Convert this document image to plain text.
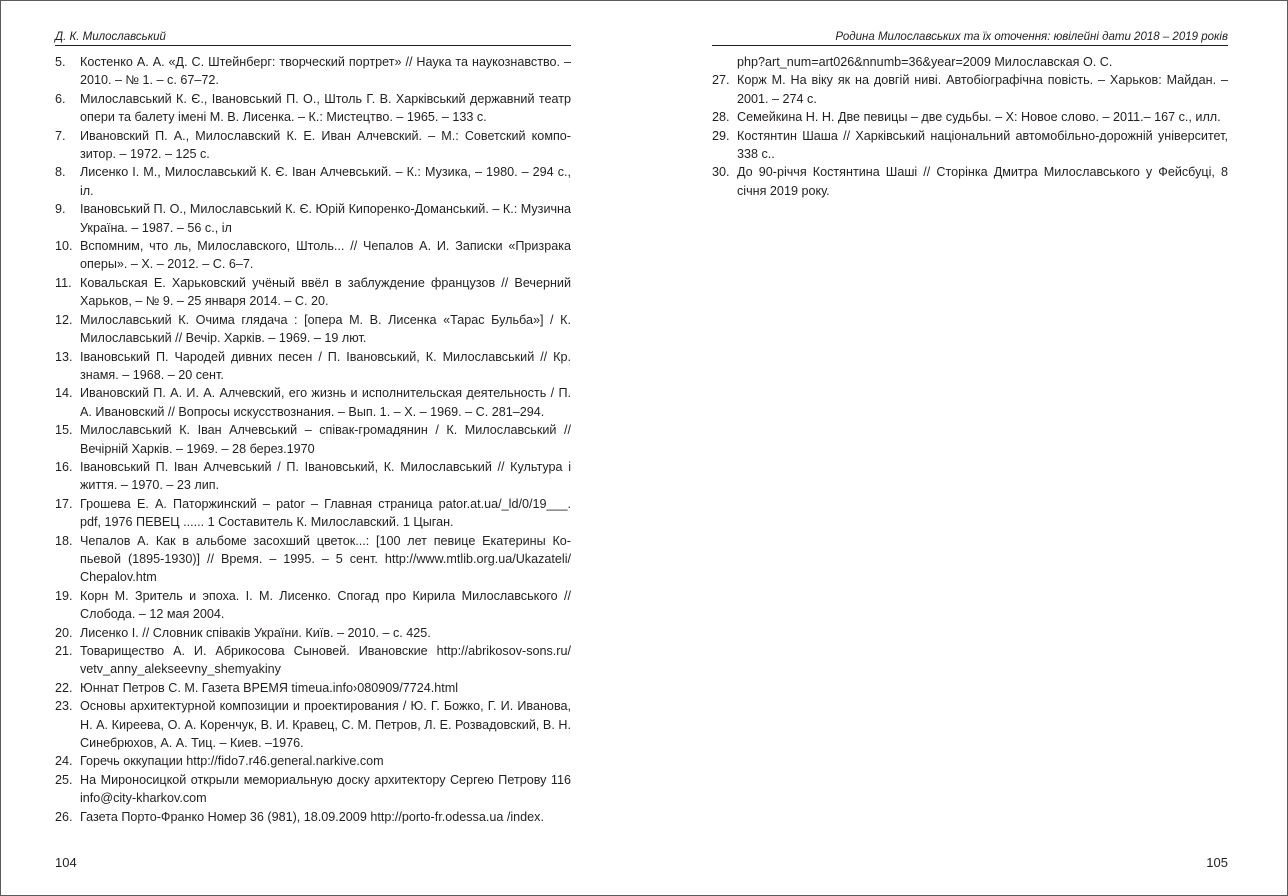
Д. К. Милославський
5. Костенко А. А. «Д. С. Штейнберг: творческий портрет» // Наука та наукознавство. – 2010. – № 1. – с. 67–72.
6. Милославський К. Є., Івановський П. О., Штоль Г. В. Харківський державний театр опери та балету імені М. В. Лисенка. – К.: Мистецтво. – 1965. – 133 с.
7. Ивановский П. А., Милославский К. Е. Иван Алчевский. – М.: Советский композитор. – 1972. – 125 с.
8. Лисенко І. М., Милославський К. Є. Іван Алчевський. – К.: Музика, – 1980. – 294 с., іл.
9. Івановський П. О., Милославський К. Є. Юрій Кипоренко-Доманський. – К.: Музична Україна. – 1987. – 56 с., іл
10. Вспомним, что ль, Милославского, Штоль... // Чепалов А. И. Записки «Призрака оперы». – Х. – 2012. – С. 6–7.
11. Ковальская Е. Харьковский учёный ввёл в заблуждение французов // Вечерний Харьков, – № 9. – 25 января 2014. – С. 20.
12. Милославський К. Очима глядача : [опера М. В. Лисенка «Тарас Бульба»] / К. Милославський // Вечір. Харків. – 1969. – 19 лют.
13. Івановський П. Чародей дивних песен / П. Івановський, К. Милославський // Кр. знамя. – 1968. – 20 сент.
14. Ивановский П. А. И. А. Алчевский, его жизнь и исполнительская деятельность / П. А. Ивановский // Вопросы искусствознания. – Вып. 1. – Х. – 1969. – С. 281–294.
15. Милославський К. Іван Алчевський – співак-громадянин / К. Милославський // Вечірній Харків. – 1969. – 28 берез.1970
16. Івановський П. Іван Алчевський / П. Івановський, К. Милославський // Культура і життя. – 1970. – 23 лип.
17. Грошева Е. А. Паторжинский – pator – Главная страница pator.at.ua/_ld/0/19___. pdf, 1976 ПЕВЕЦ ...... 1 Составитель К. Милославский. 1 Цыган.
18. Чепалов А. Как в альбоме засохший цветок...: [100 лет певице Екатерины Копьевой (1895-1930)] // Время. – 1995. – 5 сент. http://www.mtlib.org.ua/Ukazateli/ Chepalov.htm
19. Корн М. Зритель и эпоха. І. М. Лисенко. Спогад про Кирила Милославського // Слобода. – 12 мая 2004.
20. Лисенко І. // Словник співаків України. Київ. – 2010. – с. 425.
21. Товарищество А. И. Абрикосова Сыновей. Ивановские http://abrikosov-sons.ru/ vetv_anny_alekseevny_shemyakiny
22. Юннат Петров С. М. Газета ВРЕМЯ timeua.info›080909/7724.html
23. Основы архитектурной композиции и проектирования / Ю. Г. Божко, Г. И. Иванова, Н. А. Киреева, О. А. Коренчук, В. И. Кравец, С. М. Петров, Л. Е. Розвадовский, В. Н. Синебрюхов, А. А. Тиц. – Киев. –1976.
24. Горечь оккупации http://fido7.r46.general.narkive.com
25. На Мироносицкой открыли мемориальную доску архитектору Сергею Петрову 116 info@city-kharkov.com
26. Газета Порто-Франко Номер 36 (981), 18.09.2009 http://porto-fr.odessa.ua /index.
104
Родина Милославських та їх оточення: ювілейні дати 2018 – 2019 років
php?art_num=art026&nnumb=36&year=2009 Милославская О. С.
27. Корж М. На віку як на довгій ниві. Автобіографічна повість. – Харьков: Майдан. – 2001. – 274 с.
28. Семейкина Н. Н. Две певицы – две судьбы. – Х: Новое слово. – 2011.– 167 с., илл.
29. Костянтин Шаша // Харківський національний автомобільно-дорожній університет, 338 с..
30. До 90-річчя Костянтина Шаші // Сторінка Дмитра Милославського у Фейсбуці, 8 січня 2019 року.
105
